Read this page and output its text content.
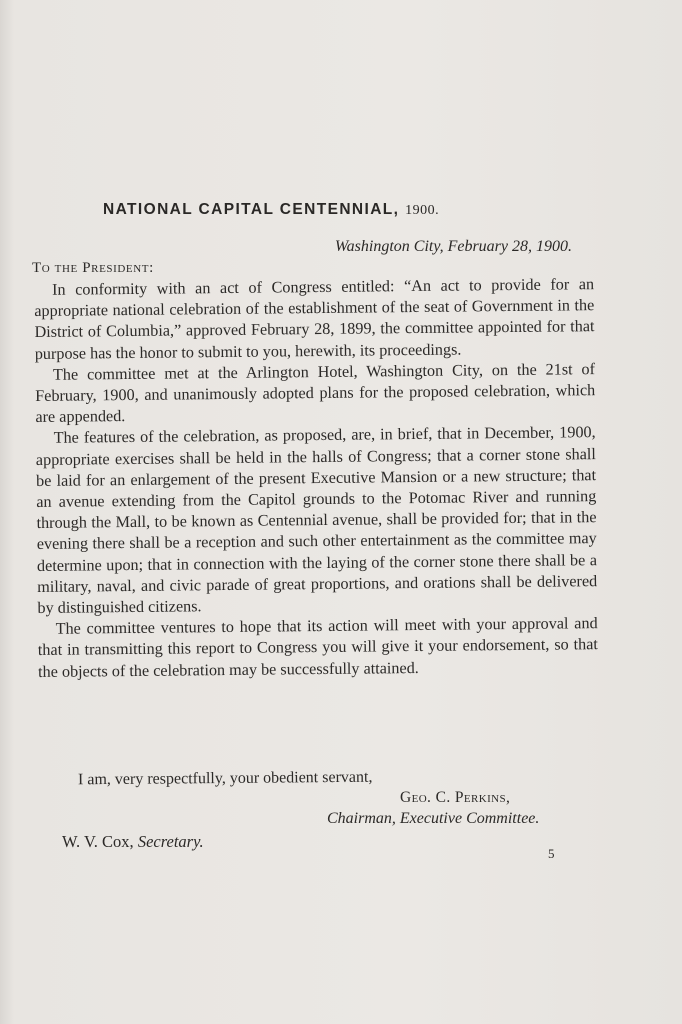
NATIONAL CAPITAL CENTENNIAL, 1900.
Washington City, February 28, 1900.
To the President:

In conformity with an act of Congress entitled: “An act to provide for an appropriate national celebration of the establishment of the seat of Government in the District of Columbia,” approved February 28, 1899, the committee appointed for that purpose has the honor to submit to you, herewith, its proceedings.

The committee met at the Arlington Hotel, Washington City, on the 21st of February, 1900, and unanimously adopted plans for the proposed celebration, which are appended.

The features of the celebration, as proposed, are, in brief, that in December, 1900, appropriate exercises shall be held in the halls of Congress; that a corner stone shall be laid for an enlargement of the present Executive Mansion or a new structure; that an avenue extending from the Capitol grounds to the Potomac River and running through the Mall, to be known as Centennial avenue, shall be provided for; that in the evening there shall be a reception and such other entertainment as the committee may determine upon; that in connection with the laying of the corner stone there shall be a military, naval, and civic parade of great proportions, and orations shall be delivered by distinguished citizens.

The committee ventures to hope that its action will meet with your approval and that in transmitting this report to Congress you will give it your endorsement, so that the objects of the celebration may be successfully attained.

I am, very respectfully, your obedient servant,
Geo. C. Perkins,
Chairman, Executive Committee.
W. V. Cox, Secretary.
5
